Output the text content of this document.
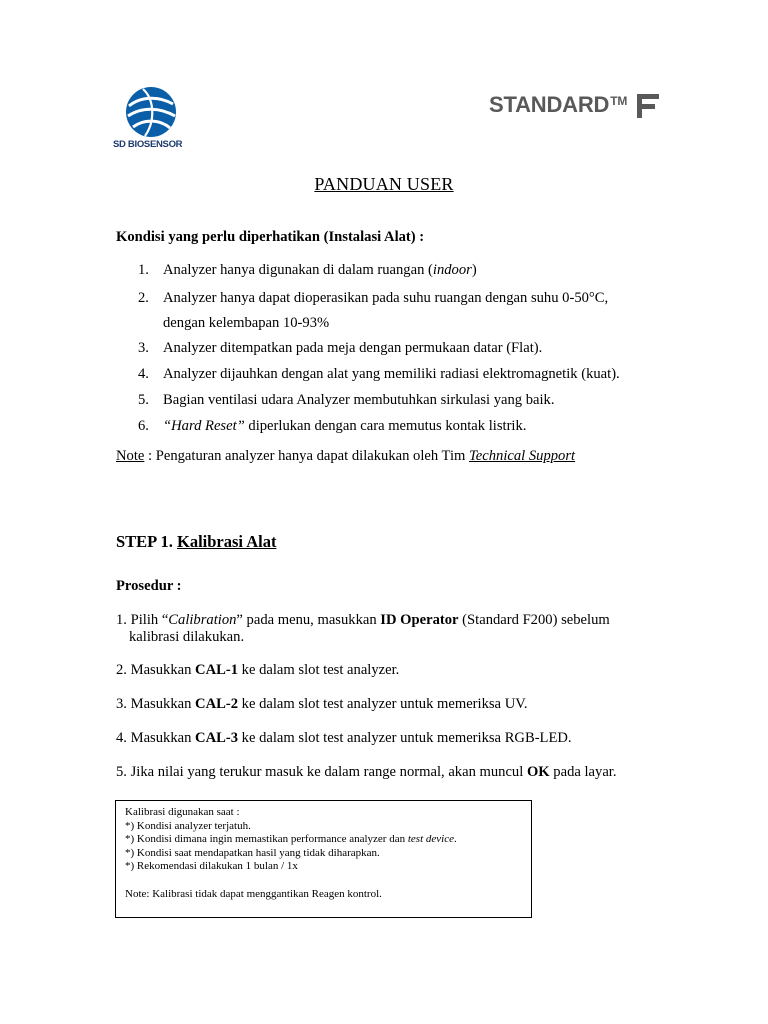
SD BIOSENSOR
STANDARD TM
PANDUAN USER
Kondisi yang perlu diperhatikan (Instalasi Alat) :
1. Analyzer hanya digunakan di dalam ruangan (indoor)
2. Analyzer hanya dapat dioperasikan pada suhu ruangan dengan suhu 0-50°C,
dengan kelembapan 10-93%
3. Analyzer ditempatkan pada meja dengan permukaan datar (Flat).
4. Analyzer dijauhkan dengan alat yang memiliki radiasi elektromagnetik (kuat).
5. Bagian ventilasi udara Analyzer membutuhkan sirkulasi yang baik.
6. “Hard Reset” diperlukan dengan cara memutus kontak listrik.
Note : Pengaturan analyzer hanya dapat dilakukan oleh Tim Technical Support
STEP 1. Kalibrasi Alat
Prosedur :
1. Pilih “Calibration” pada menu, masukkan ID Operator (Standard F200) sebelum
kalibrasi dilakukan.
2. Masukkan CAL-1 ke dalam slot test analyzer.
3. Masukkan CAL-2 ke dalam slot test analyzer untuk memeriksa UV.
4. Masukkan CAL-3 ke dalam slot test analyzer untuk memeriksa RGB-LED.
5. Jika nilai yang terukur masuk ke dalam range normal, akan muncul OK pada layar.
Kalibrasi digunakan saat :
*) Kondisi analyzer terjatuh.
*) Kondisi dimana ingin memastikan performance analyzer dan test device.
*) Kondisi saat mendapatkan hasil yang tidak diharapkan.
*) Rekomendasi dilakukan 1 bulan / 1x
Note: Kalibrasi tidak dapat menggantikan Reagen kontrol.
